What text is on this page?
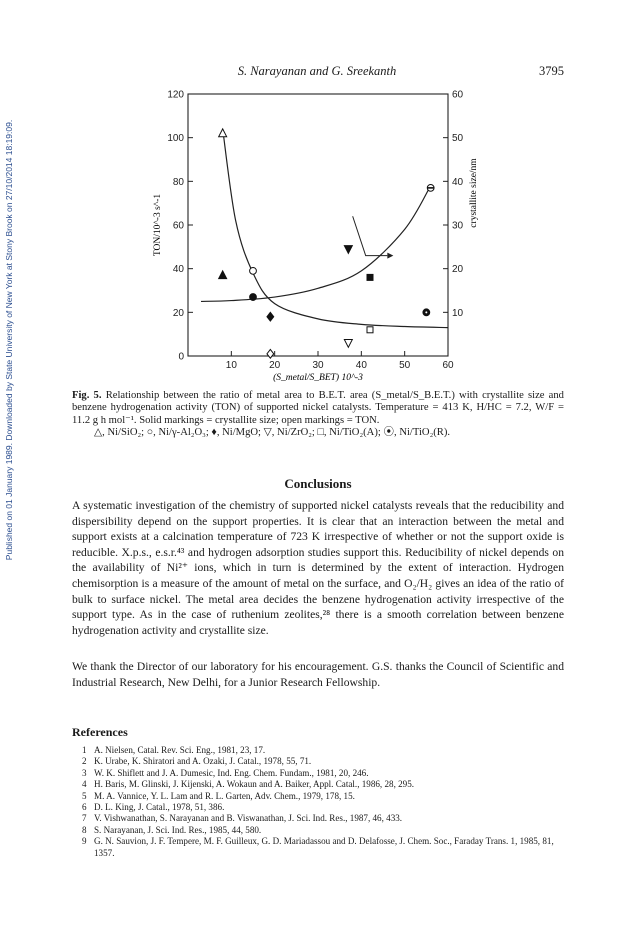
Published on 01 January 1989. Downloaded by State University of New York at Stony Brook on 27/10/2014 18:19:09.
S. Narayanan and G. Sreekanth	3795
0
20
40
60
80
100
120
10
20
30
40
50
60
10	20	30	40	50	60
TON/10^-3 s^-1	crystallite size/nm
(S_metal/S_BET) 10^-3
Fig. 5. Relationship between the ratio of metal area to B.E.T. area (S_metal/S_B.E.T.) with crystallite size and benzene hydrogenation activity (TON) of supported nickel catalysts. Temperature = 413 K, H/HC = 7.2, W/F = 11.2 g h mol⁻¹. Solid markings = crystallite size; open markings = TON.
△, Ni/SiO₂; ○, Ni/γ-Al₂O₃; ♦, Ni/MgO; ▽, Ni/ZrO₂; □, Ni/TiO₂(A); ⦿, Ni/TiO₂(R).
Conclusions

A systematic investigation of the chemistry of supported nickel catalysts reveals that the reducibility and dispersibility depend on the support properties. It is clear that an interaction between the metal and support exists at a calcination temperature of 723 K irrespective of whether or not the support oxide is reducible. X.p.s., e.s.r.⁴³ and hydrogen adsorption studies support this. Reducibility of nickel depends on the availability of Ni²⁺ ions, which in turn is determined by the extent of interaction. Hydrogen chemisorption is a measure of the amount of metal on the surface, and O₂/H₂ gives an idea of the ratio of bulk to surface nickel. The metal area decides the benzene hydrogenation activity irrespective of the support type. As in the case of ruthenium zeolites,²⁸ there is a smooth correlation between benzene hydrogenation activity and crystallite size.

We thank the Director of our laboratory for his encouragement. G.S. thanks the Council of Scientific and Industrial Research, New Delhi, for a Junior Research Fellowship.

References
1 A. Nielsen, Catal. Rev. Sci. Eng., 1981, 23, 17.
2 K. Urabe, K. Shiratori and A. Ozaki, J. Catal., 1978, 55, 71.
3 W. K. Shiflett and J. A. Dumesic, Ind. Eng. Chem. Fundam., 1981, 20, 246.
4 H. Baris, M. Glinski, J. Kijenski, A. Wokaun and A. Baiker, Appl. Catal., 1986, 28, 295.
5 M. A. Vannice, Y. L. Lam and R. L. Garten, Adv. Chem., 1979, 178, 15.
6 D. L. King, J. Catal., 1978, 51, 386.
7 V. Vishwanathan, S. Narayanan and B. Viswanathan, J. Sci. Ind. Res., 1987, 46, 433.
8 S. Narayanan, J. Sci. Ind. Res., 1985, 44, 580.
9 G. N. Sauvion, J. F. Tempere, M. F. Guilleux, G. D. Mariadassou and D. Delafosse, J. Chem. Soc., Faraday Trans. 1, 1985, 81, 1357.
